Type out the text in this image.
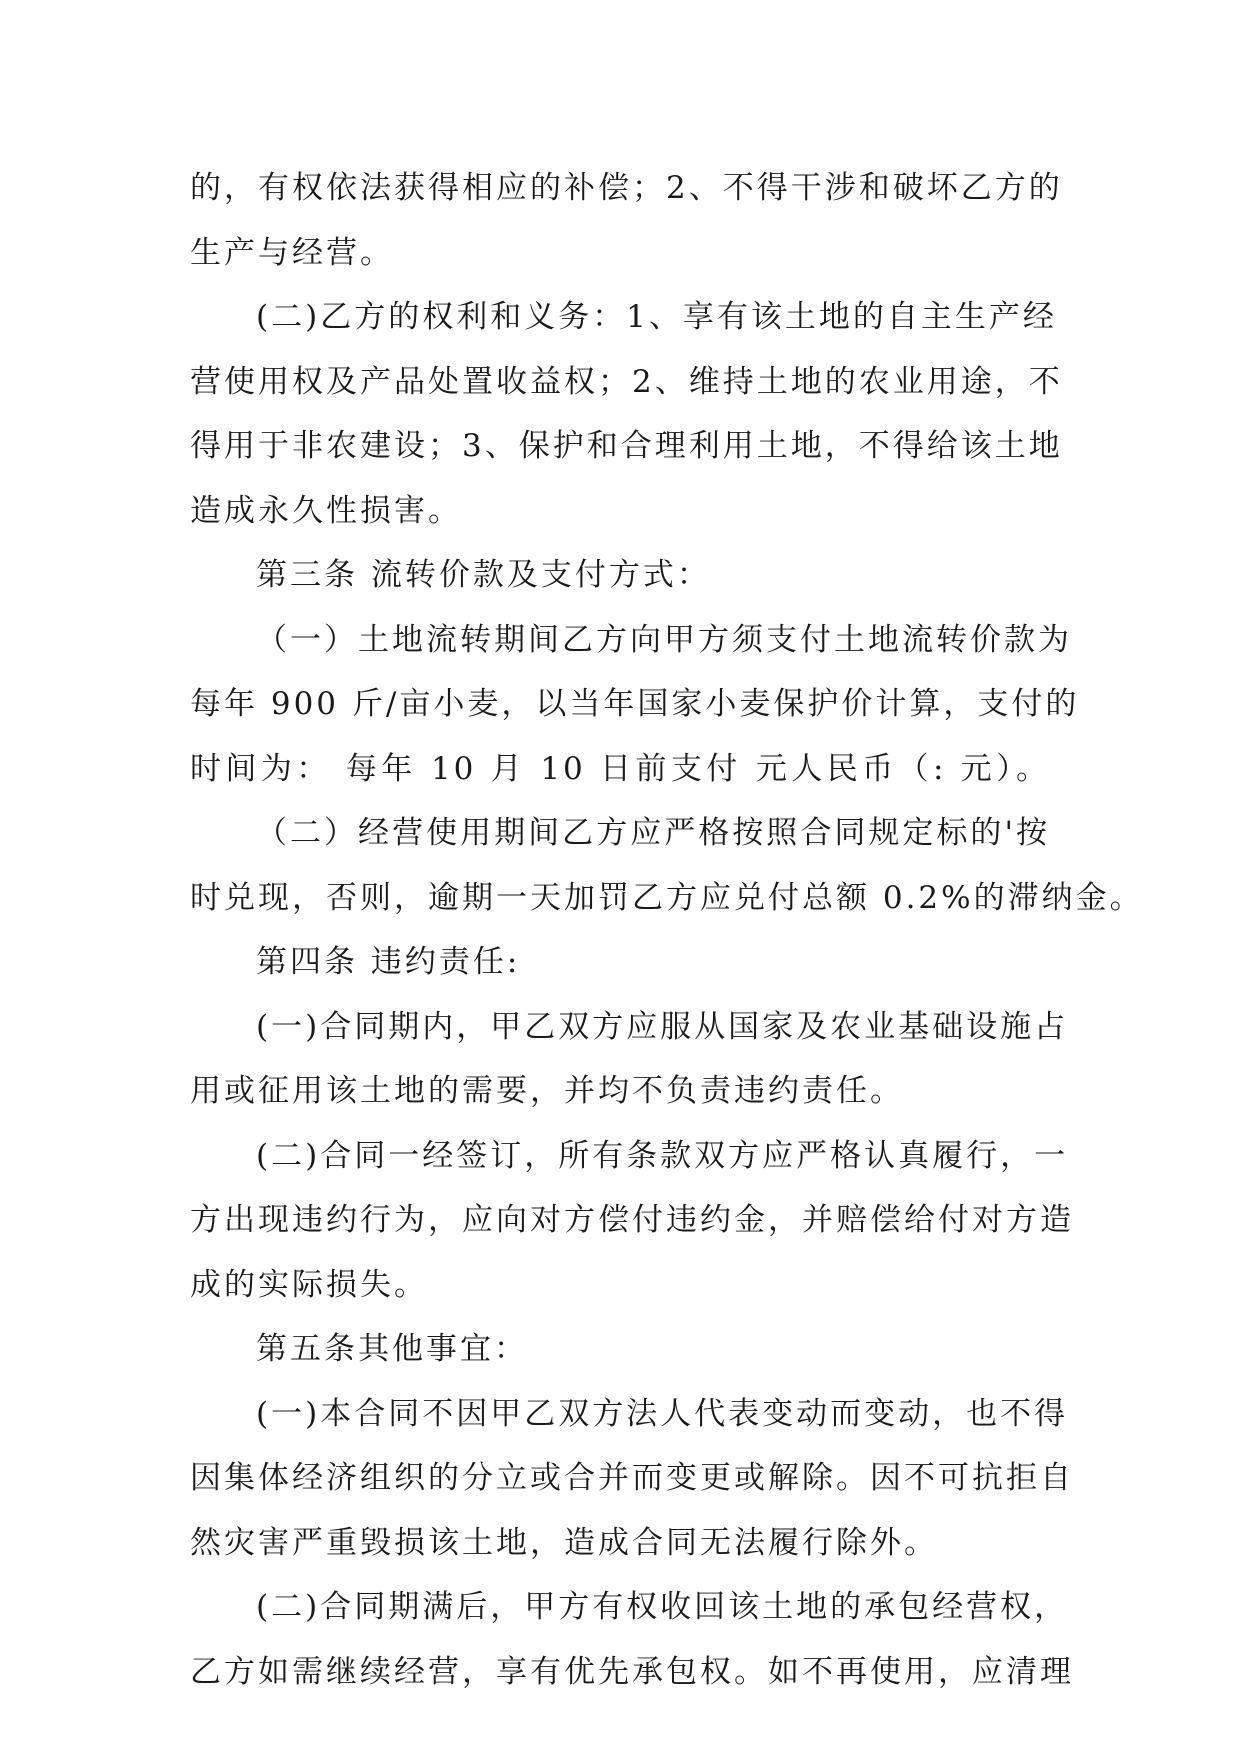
的，有权依法获得相应的补偿；2、不得干涉和破坏乙方的
生产与经营。

(二)乙方的权利和义务：1、享有该土地的自主生产经
营使用权及产品处置收益权；2、维持土地的农业用途，不
得用于非农建设；3、保护和合理利用土地，不得给该土地
造成永久性损害。

第三条 流转价款及支付方式：

（一）土地流转期间乙方向甲方须支付土地流转价款为
每年 900 斤/亩小麦，以当年国家小麦保护价计算，支付的
时间为： 每年 10 月 10 日前支付 元人民币（: 元）。

（二）经营使用期间乙方应严格按照合同规定标的'按
时兑现，否则，逾期一天加罚乙方应兑付总额 0.2%的滞纳金。

第四条 违约责任:

(一)合同期内，甲乙双方应服从国家及农业基础设施占
用或征用该土地的需要，并均不负责违约责任。

(二)合同一经签订，所有条款双方应严格认真履行，一
方出现违约行为，应向对方偿付违约金，并赔偿给付对方造
成的实际损失。

第五条其他事宜：

(一)本合同不因甲乙双方法人代表变动而变动，也不得
因集体经济组织的分立或合并而变更或解除。因不可抗拒自
然灾害严重毁损该土地，造成合同无法履行除外。

(二)合同期满后，甲方有权收回该土地的承包经营权，
乙方如需继续经营，享有优先承包权。如不再使用，应清理
